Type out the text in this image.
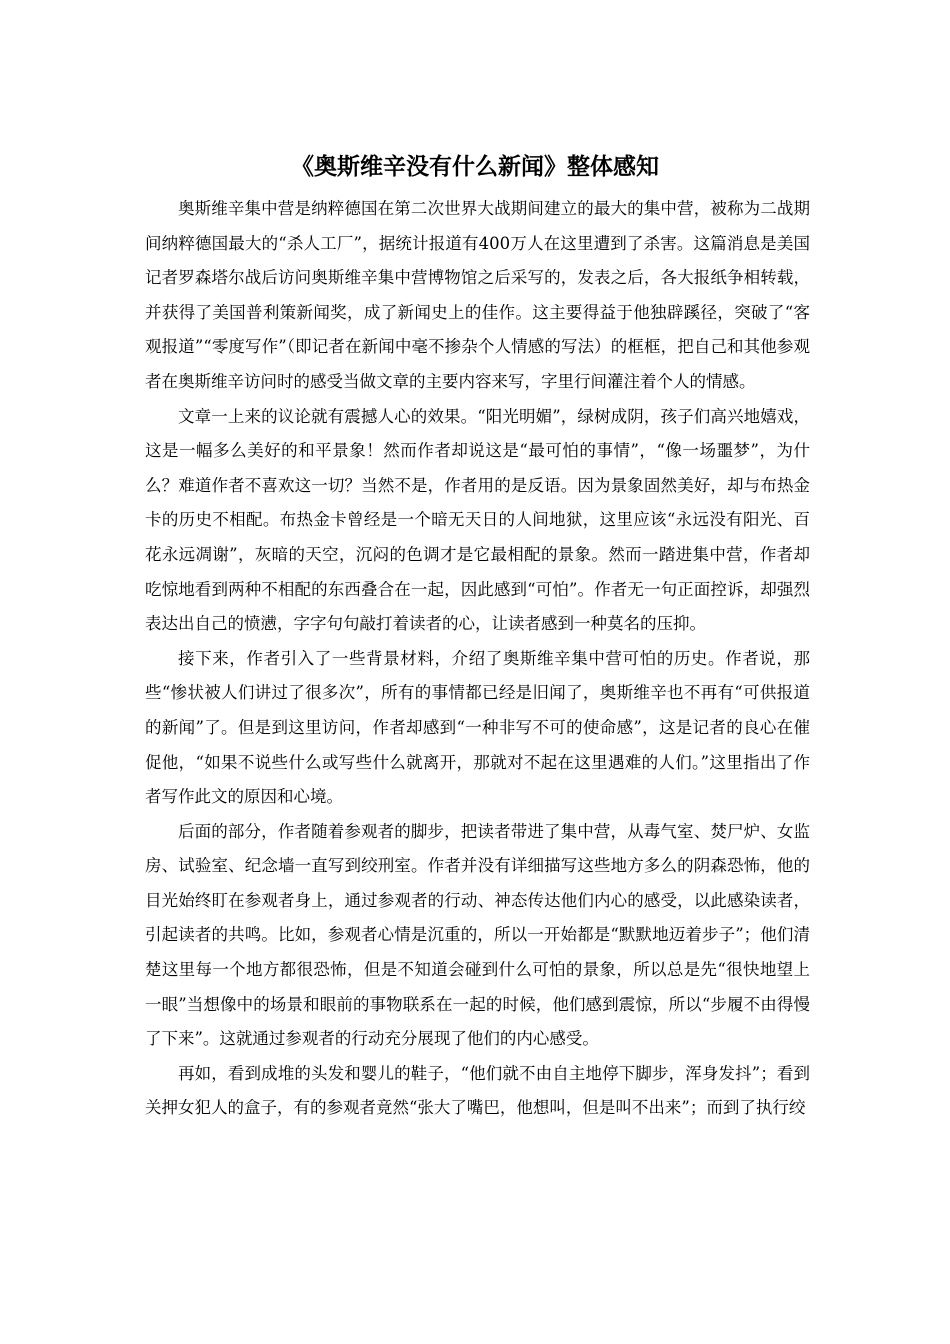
《奥斯维辛没有什么新闻》整体感知

奥斯维辛集中营是纳粹德国在第二次世界大战期间建立的最大的集中营，被称为二战期间纳粹德国最大的“杀人工厂”，据统计报道有400万人在这里遭到了杀害。这篇消息是美国记者罗森塔尔战后访问奥斯维辛集中营博物馆之后采写的，发表之后，各大报纸争相转载，并获得了美国普利策新闻奖，成了新闻史上的佳作。这主要得益于他独辟蹊径，突破了“客观报道”“零度写作”（即记者在新闻中毫不掺杂个人情感的写法）的框框，把自己和其他参观者在奥斯维辛访问时的感受当做文章的主要内容来写，字里行间灌注着个人的情感。

文章一上来的议论就有震撼人心的效果。“阳光明媚”，绿树成阴，孩子们高兴地嬉戏，这是一幅多么美好的和平景象！然而作者却说这是“最可怕的事情”，“像一场噩梦”，为什么？难道作者不喜欢这一切？当然不是，作者用的是反语。因为景象固然美好，却与布热金卡的历史不相配。布热金卡曾经是一个暗无天日的人间地狱，这里应该“永远没有阳光、百花永远凋谢”，灰暗的天空，沉闷的色调才是它最相配的景象。然而一踏进集中营，作者却吃惊地看到两种不相配的东西叠合在一起，因此感到“可怕”。作者无一句正面控诉，却强烈表达出自己的愤懑，字字句句敲打着读者的心，让读者感到一种莫名的压抑。

接下来，作者引入了一些背景材料，介绍了奥斯维辛集中营可怕的历史。作者说，那些“惨状被人们讲过了很多次”，所有的事情都已经是旧闻了，奥斯维辛也不再有“可供报道的新闻”了。但是到这里访问，作者却感到“一种非写不可的使命感”，这是记者的良心在催促他，“如果不说些什么或写些什么就离开，那就对不起在这里遇难的人们。”这里指出了作者写作此文的原因和心境。

后面的部分，作者随着参观者的脚步，把读者带进了集中营，从毒气室、焚尸炉、女监房、试验室、纪念墙一直写到绞刑室。作者并没有详细描写这些地方多么的阴森恐怖，他的目光始终盯在参观者身上，通过参观者的行动、神态传达他们内心的感受，以此感染读者，引起读者的共鸣。比如，参观者心情是沉重的，所以一开始都是“默默地迈着步子”；他们清楚这里每一个地方都很恐怖，但是不知道会碰到什么可怕的景象，所以总是先“很快地望上一眼”当想像中的场景和眼前的事物联系在一起的时候，他们感到震惊，所以“步履不由得慢了下来”。这就通过参观者的行动充分展现了他们的内心感受。

再如，看到成堆的头发和婴儿的鞋子，“他们就不由自主地停下脚步，浑身发抖”；看到关押女犯人的盒子，有的参观者竟然“张大了嘴巴，他想叫，但是叫不出来”；而到了执行绞
